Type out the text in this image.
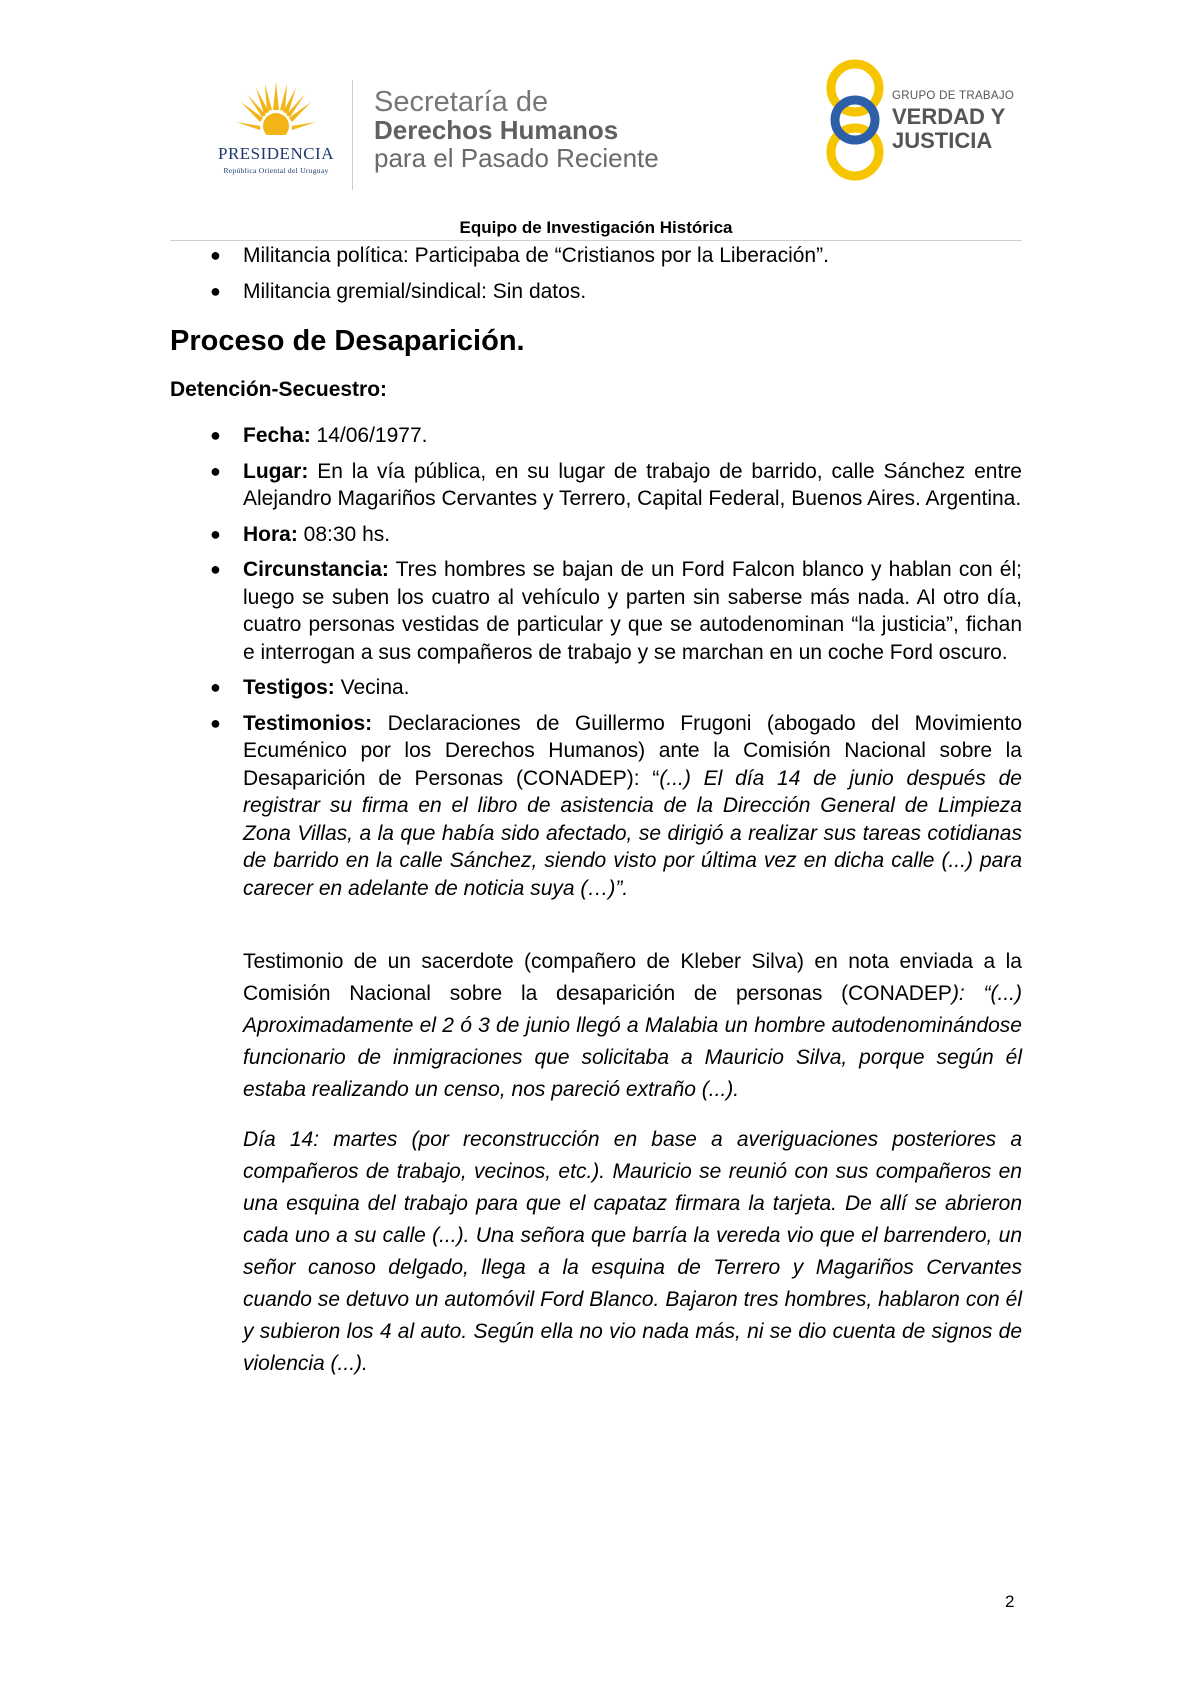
PRESIDENCIA
República Oriental del Uruguay
Secretaría de
Derechos Humanos
para el Pasado Reciente
GRUPO DE TRABAJO
VERDAD Y
JUSTICIA
Equipo de Investigación Histórica
● Militancia política: Participaba de “Cristianos por la Liberación”.
● Militancia gremial/sindical: Sin datos.
Proceso de Desaparición.
Detención-Secuestro:
● Fecha: 14/06/1977.
● Lugar: En la vía pública, en su lugar de trabajo de barrido, calle Sánchez entre Alejandro Magariños Cervantes y Terrero, Capital Federal, Buenos Aires. Argentina.
● Hora: 08:30 hs.
● Circunstancia: Tres hombres se bajan de un Ford Falcon blanco y hablan con él; luego se suben los cuatro al vehículo y parten sin saberse más nada. Al otro día, cuatro personas vestidas de particular y que se autodenominan “la justicia”, fichan e interrogan a sus compañeros de trabajo y se marchan en un coche Ford oscuro.
● Testigos: Vecina.
● Testimonios: Declaraciones de Guillermo Frugoni (abogado del Movimiento Ecuménico por los Derechos Humanos) ante la Comisión Nacional sobre la Desaparición de Personas (CONADEP): “(...) El día 14 de junio después de registrar su firma en el libro de asistencia de la Dirección General de Limpieza Zona Villas, a la que había sido afectado, se dirigió a realizar sus tareas cotidianas de barrido en la calle Sánchez, siendo visto por última vez en dicha calle (...) para carecer en adelante de noticia suya (…)”.
Testimonio de un sacerdote (compañero de Kleber Silva) en nota enviada a la Comisión Nacional sobre la desaparición de personas (CONADEP): “(...) Aproximadamente el 2 ó 3 de junio llegó a Malabia un hombre autodenominándose funcionario de inmigraciones que solicitaba a Mauricio Silva, porque según él estaba realizando un censo, nos pareció extraño (...).
Día 14: martes (por reconstrucción en base a averiguaciones posteriores a compañeros de trabajo, vecinos, etc.). Mauricio se reunió con sus compañeros en una esquina del trabajo para que el capataz firmara la tarjeta. De allí se abrieron cada uno a su calle (...). Una señora que barría la vereda vio que el barrendero, un señor canoso delgado, llega a la esquina de Terrero y Magariños Cervantes cuando se detuvo un automóvil Ford Blanco. Bajaron tres hombres, hablaron con él y subieron los 4 al auto. Según ella no vio nada más, ni se dio cuenta de signos de violencia (...).
2
